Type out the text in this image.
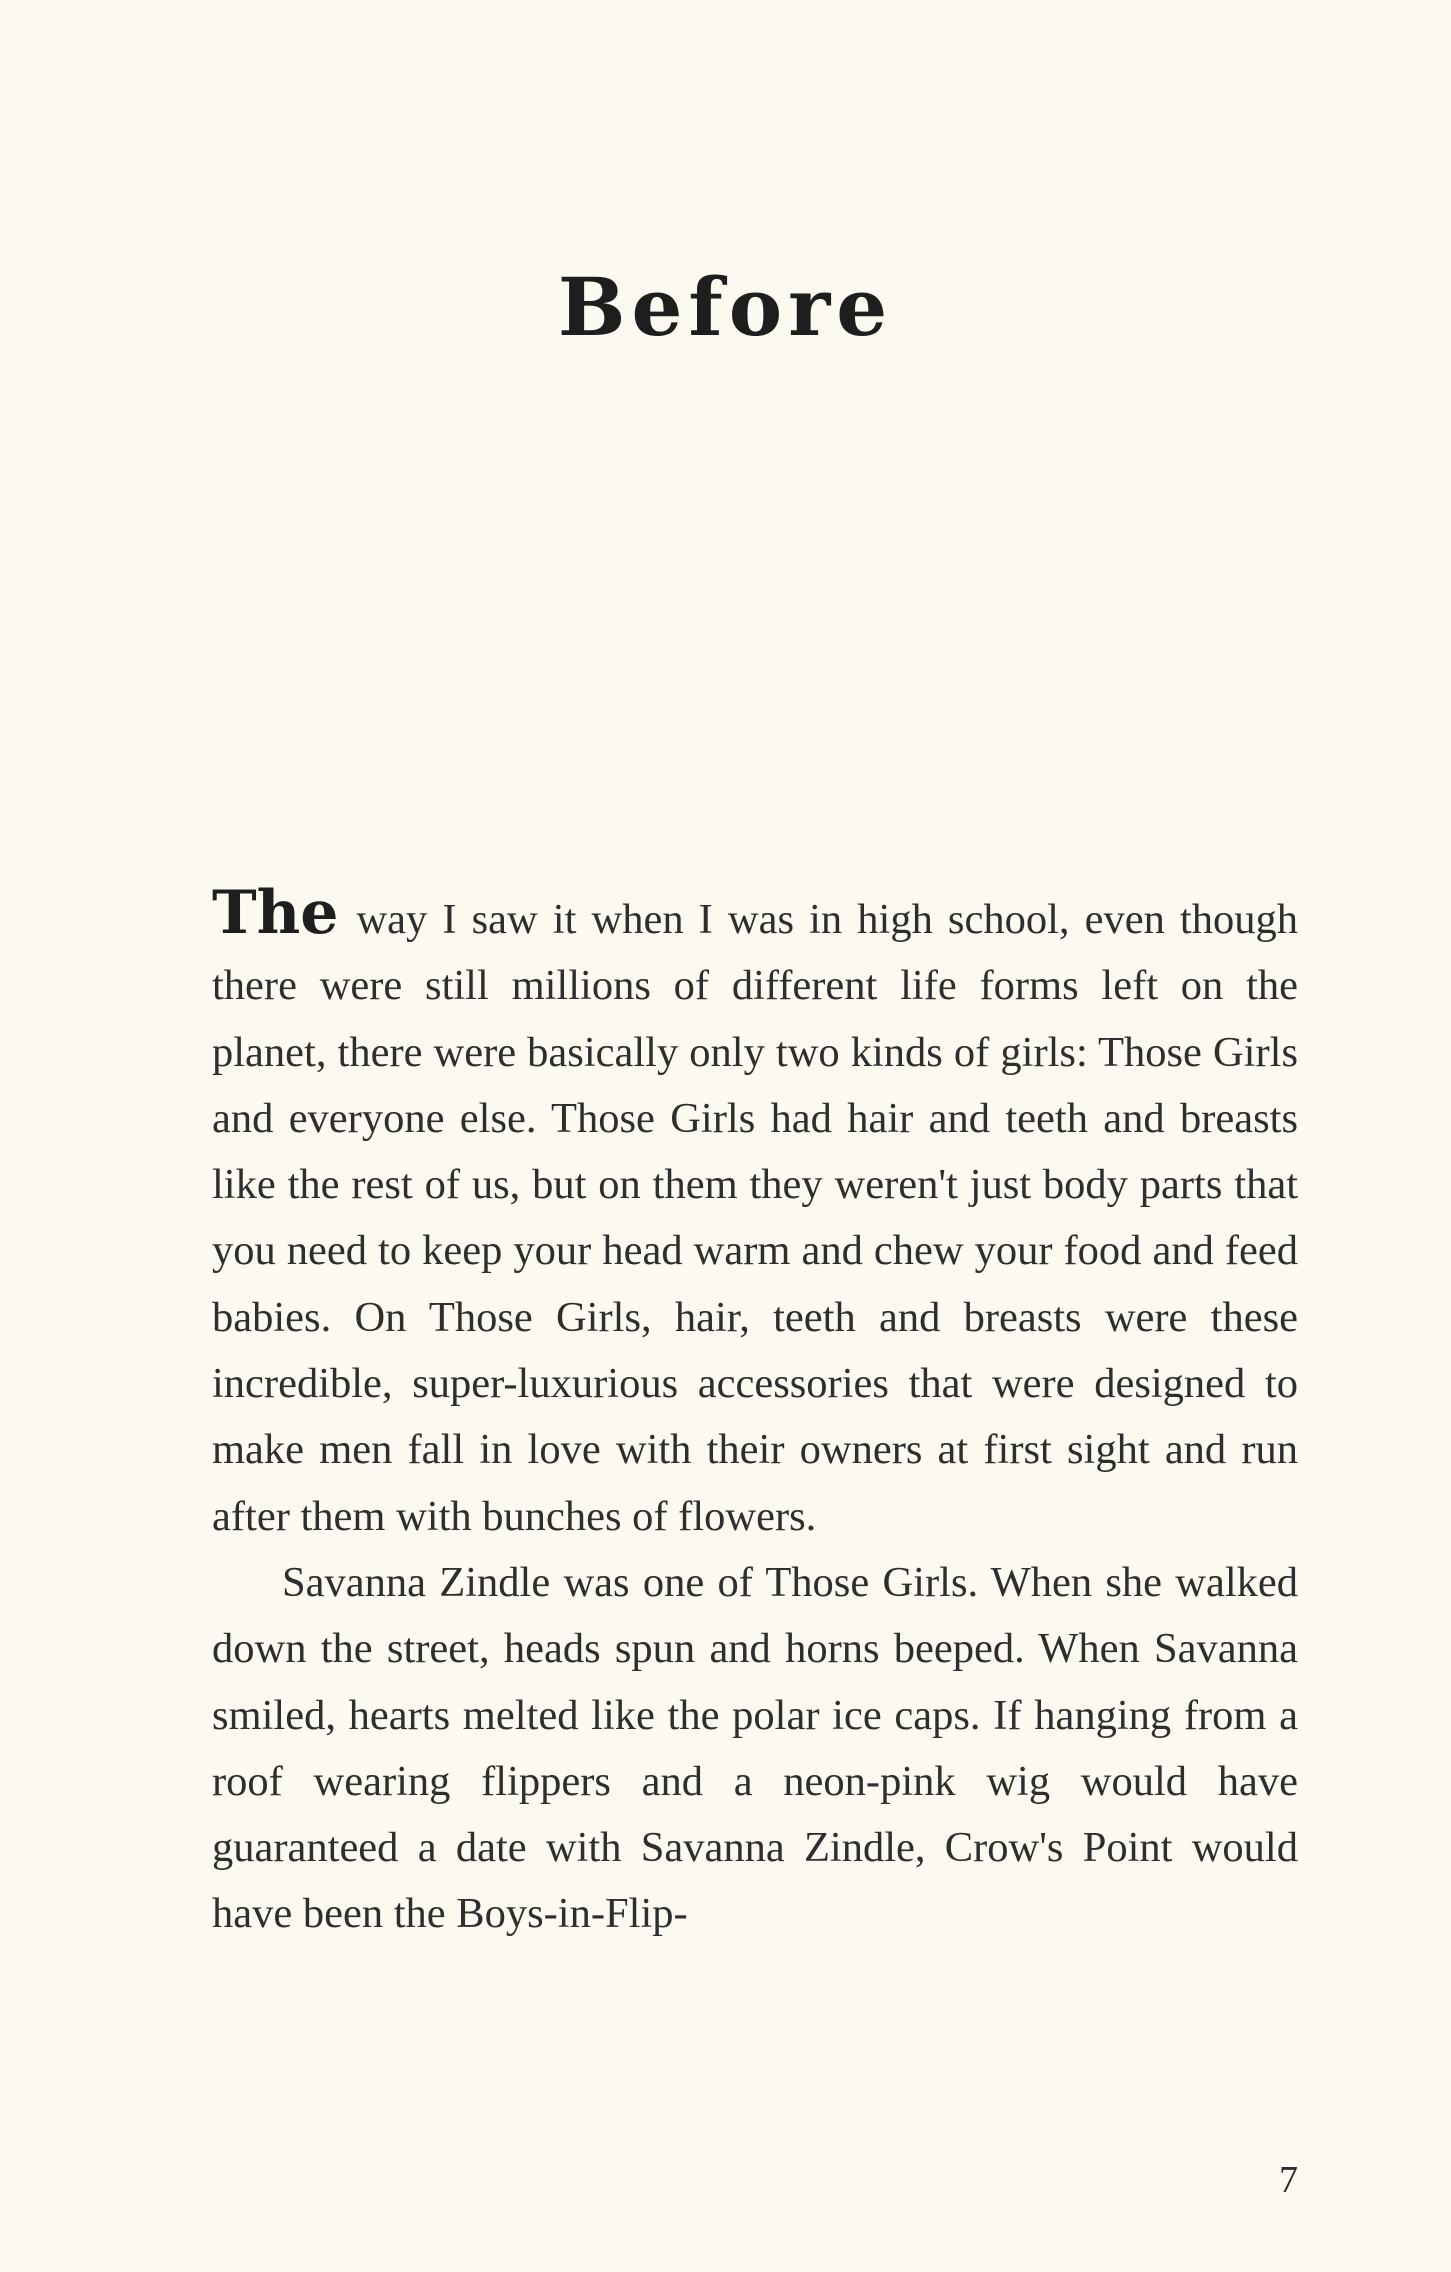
Before

The way I saw it when I was in high school, even though there were still millions of different life forms left on the planet, there were basically only two kinds of girls: Those Girls and everyone else. Those Girls had hair and teeth and breasts like the rest of us, but on them they weren't just body parts that you need to keep your head warm and chew your food and feed babies. On Those Girls, hair, teeth and breasts were these incredible, super-luxurious accessories that were designed to make men fall in love with their owners at first sight and run after them with bunches of flowers.

Savanna Zindle was one of Those Girls. When she walked down the street, heads spun and horns beeped. When Savanna smiled, hearts melted like the polar ice caps. If hanging from a roof wearing flippers and a neon-pink wig would have guaranteed a date with Savanna Zindle, Crow's Point would have been the Boys-in-Flip-

7
